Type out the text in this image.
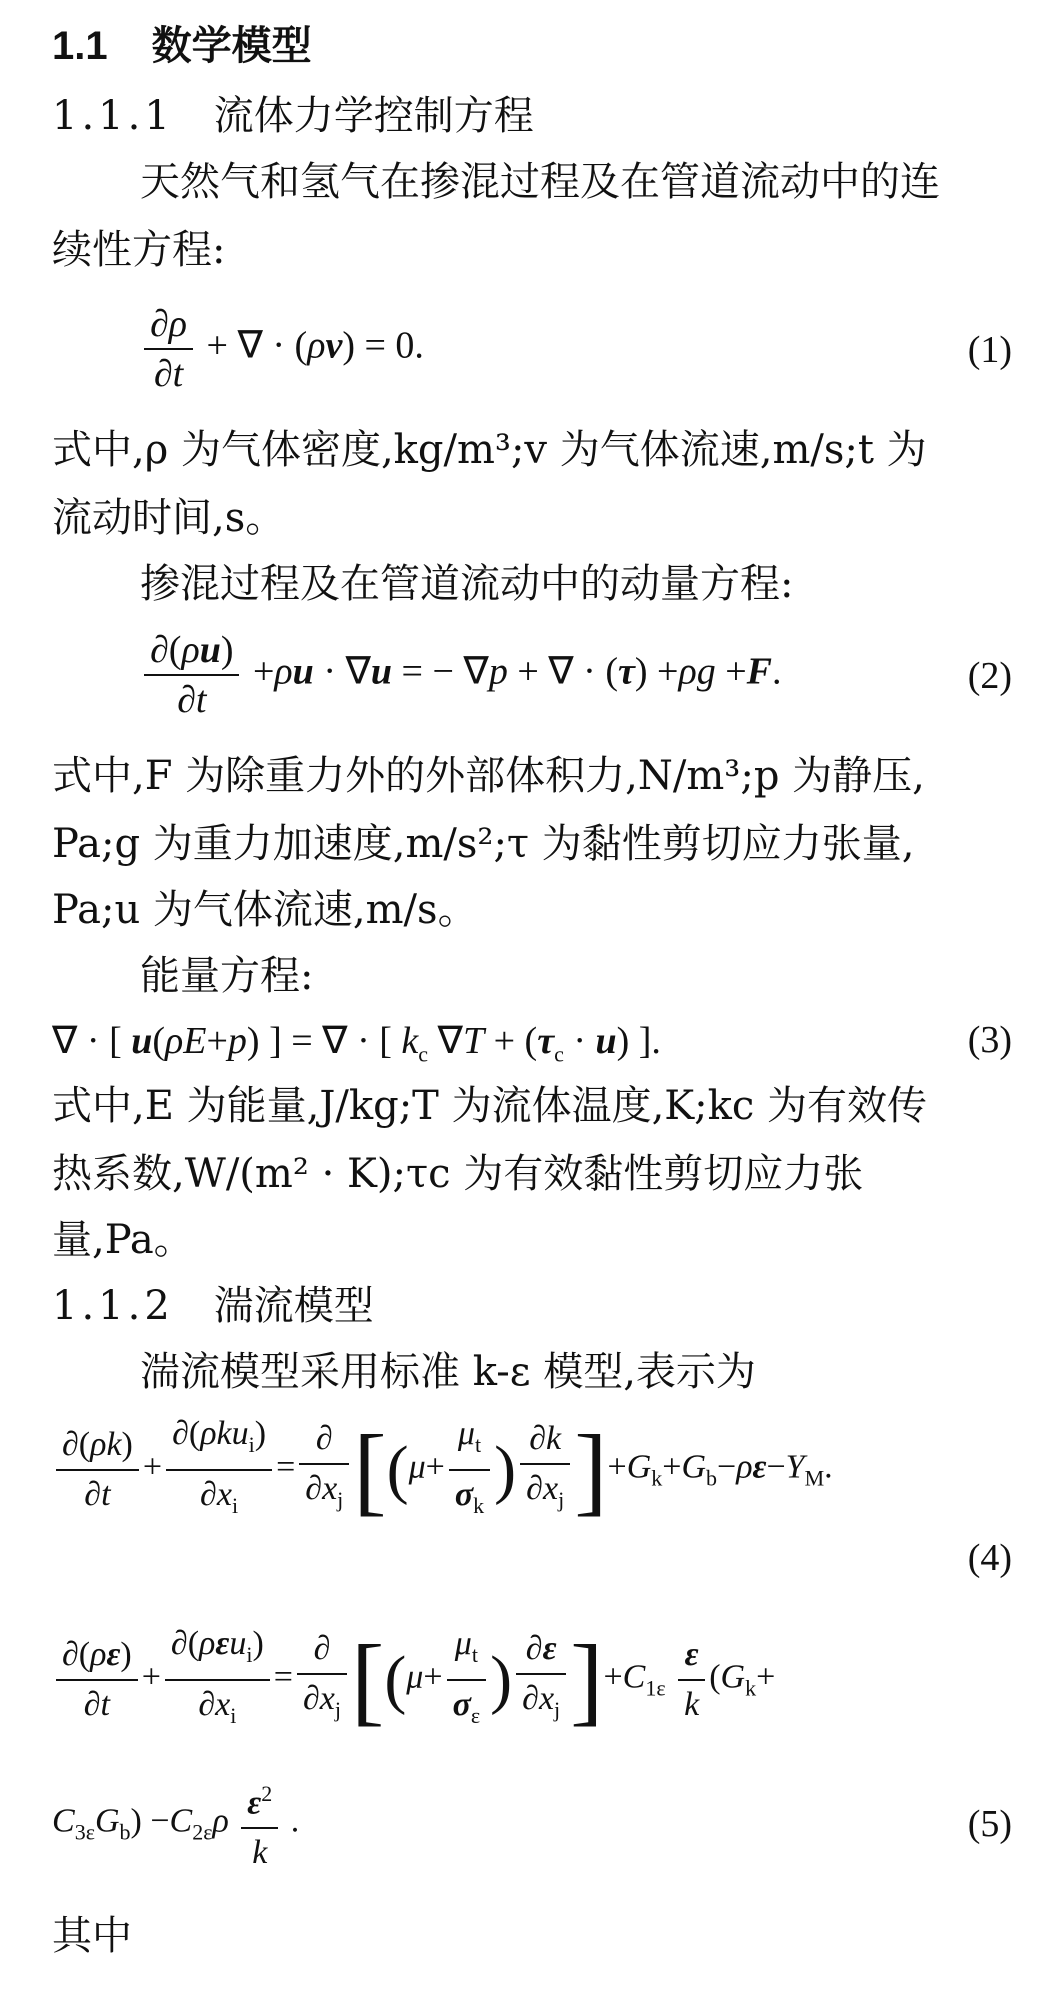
1.1 数学模型
1.1.1 流体力学控制方程
天然气和氢气在掺混过程及在管道流动中的连
续性方程:
$\frac{\partial\rho}{\partial t}$ + ∇ · (ρv) = 0.	(1)
式中,ρ 为气体密度,kg/m³;v 为气体流速,m/s;t 为
流动时间,s。
掺混过程及在管道流动中的动量方程:
$\frac{\partial(\rho u)}{\partial t} +\rho u \cdot \nabla u$ = − ∇p + ∇ · (τ) +ρg +F.	(2)
式中,F 为除重力外的外部体积力,N/m³;p 为静压,
Pa;g 为重力加速度,m/s²;τ 为黏性剪切应力张量,
Pa;u 为气体流速,m/s。
能量方程:
∇ · [ u(ρE+p) ] = ∇ · [ $k_c$ $\nabla T + (\tau_c \cdot u)$ ].	(3)
式中,E 为能量,J/kg;T 为流体温度,K;kc 为有效传
热系数,W/(m² · K);τc 为有效黏性剪切应力张
量,Pa。
1.1.2 湍流模型
湍流模型采用标准 k-ε 模型,表示为
$\frac{\partial(\rho k)}{\partial t} + \frac{\partial(\rho ku_i)}{\partial x_i} = \frac{\partial}{\partial x_j} [(\mu+ \frac{\mu_t}{\sigma_k}$ ) $\frac{\partial k}{\partial x_j} ]+G_k+G_b-\rho\varepsilon-Y_M$.
(4)
$\frac{\partial(\rho\varepsilon)}{\partial t} + \frac{\partial(\rho\varepsilon u_i)}{\partial x_i} = \frac{\partial}{\partial x_j} [(\mu+ \frac{\mu_t}{\sigma_\varepsilon}$ ) $\frac{\partial\varepsilon}{\partial x_j} ]+C_{1\varepsilon} \frac{\varepsilon}{k} (G_k+$
$C_{3\varepsilon}G_b) -C_{2\varepsilon}\rho \frac{\varepsilon^2}{k}$ .	(5)
其中
